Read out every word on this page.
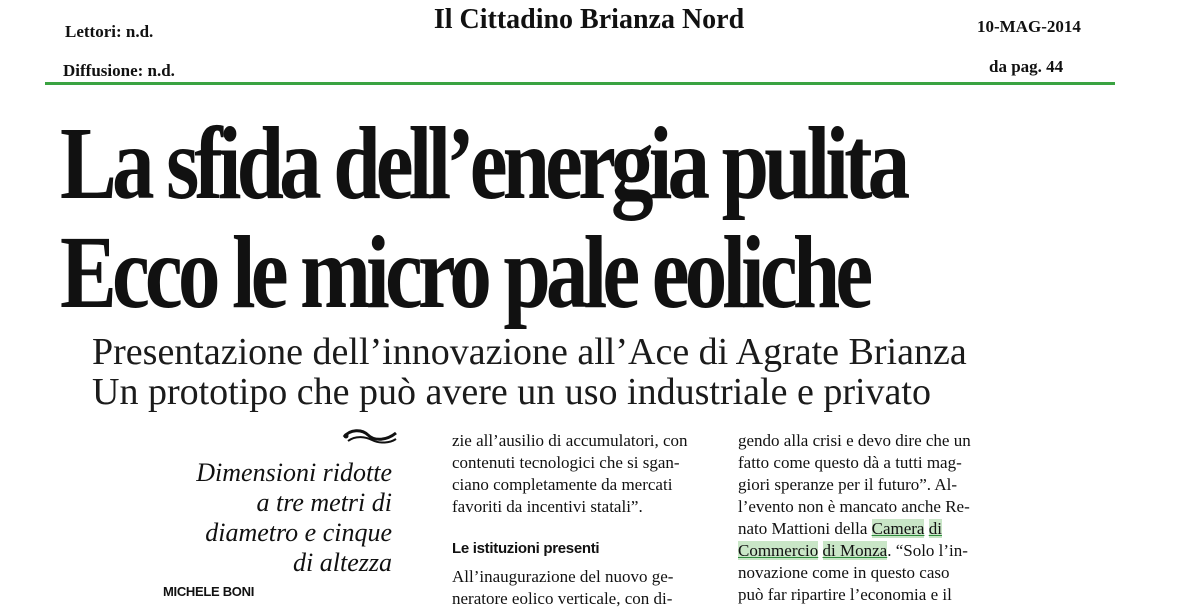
Lettori: n.d.
Diffusione: n.d.
Il Cittadino Brianza Nord	10-MAG-2014
da pag. 44
La sfida dell’energia pulita
Ecco le micro pale eoliche
Presentazione dell’innovazione all’Ace di Agrate Brianza
Un prototipo che può avere un uso industriale e privato
Dimensioni ridotte
a tre metri di
diametro e cinque
di altezza
MICHELE BONI
zie all’ausilio di accumulatori, con
contenuti tecnologici che si sgan-
ciano completamente da mercati
favoriti da incentivi statali”.
Le istituzioni presenti
All’inaugurazione del nuovo ge-
neratore eolico verticale, con di-
gendo alla crisi e devo dire che un
fatto come questo dà a tutti mag-
giori speranze per il futuro”. Al-
l’evento non è mancato anche Re-
nato Mattioni della Camera di
Commercio di Monza. “Solo l’in-
novazione come in questo caso
può far ripartire l’economia e il
